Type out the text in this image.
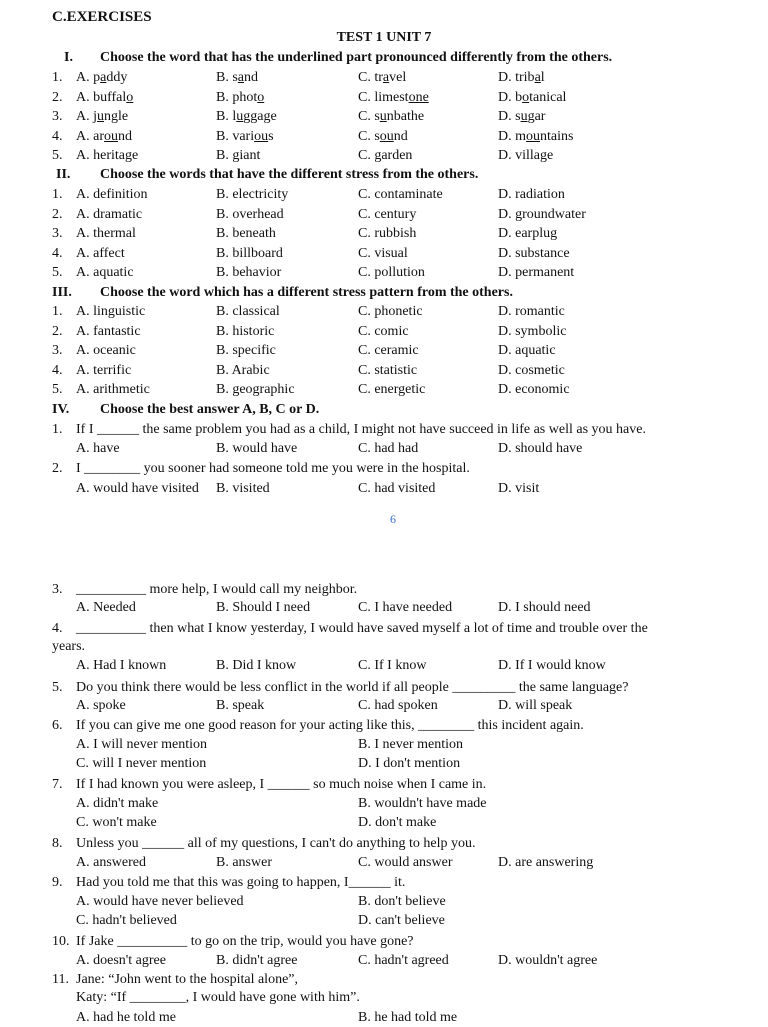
C.EXERCISES
TEST 1 UNIT 7
I. Choose the word that has the underlined part pronounced differently from the others.
1. A. paddy	B. sand	C. travel	D. tribal
2. A. buffalo	B. photo	C. limestone	D. botanical
3. A. jungle	B. luggage	C. sunbathe	D. sugar
4. A. around	B. various	C. sound	D. mountains
5. A. heritage	B. giant	C. garden	D. village
II. Choose the words that have the different stress from the others.
1. A. definition	B. electricity	C. contaminate	D. radiation
2. A. dramatic	B. overhead	C. century	D. groundwater
3. A. thermal	B. beneath	C. rubbish	D. earplug
4. A. affect	B. billboard	C. visual	D. substance
5. A. aquatic	B. behavior	C. pollution	D. permanent
III. Choose the word which has a different stress pattern from the others.
1. A. linguistic	B. classical	C. phonetic	D. romantic
2. A. fantastic	B. historic	C. comic	D. symbolic
3. A. oceanic	B. specific	C. ceramic	D. aquatic
4. A. terrific	B. Arabic	C. statistic	D. cosmetic
5. A. arithmetic	B. geographic	C. energetic	D. economic
IV. Choose the best answer A, B, C or D.
1. If I ______ the same problem you had as a child, I might not have succeed in life as well as you have.
A. have	B. would have	C. had had	D. should have
2. I ________ you sooner had someone told me you were in the hospital.
A. would have visited B. visited	C. had visited	D. visit
3. __________ more help, I would call my neighbor.
A. Needed	B. Should I need	C. I have needed	D. I should need
4. __________ then what I know yesterday, I would have saved myself a lot of time and trouble over the
years.
A. Had I known	B. Did I know	C. If I know	D. If I would know
5. Do you think there would be less conflict in the world if all people _________ the same language?
A. spoke	B. speak	C. had spoken	D. will speak
6. If you can give me one good reason for your acting like this, ________ this incident again.
A. I will never mention	B. I never mention
C. will I never mention	D. I don't mention
7. If I had known you were asleep, I ______ so much noise when I came in.
A. didn't make	B. wouldn't have made
C. won't make	D. don't make
8. Unless you ______ all of my questions, I can't do anything to help you.
A. answered	B. answer	C. would answer	D. are answering
9. Had you told me that this was going to happen, I______ it.
A. would have never believed	B. don't believe
C. hadn't believed	D. can't believe
10. If Jake __________ to go on the trip, would you have gone?
A. doesn't agree	B. didn't agree	C. hadn't agreed	D. wouldn't agree
11. Jane: “John went to the hospital alone”,
Katy: “If ________, I would have gone with him”.
A. had he told me	B. he had told me
6
